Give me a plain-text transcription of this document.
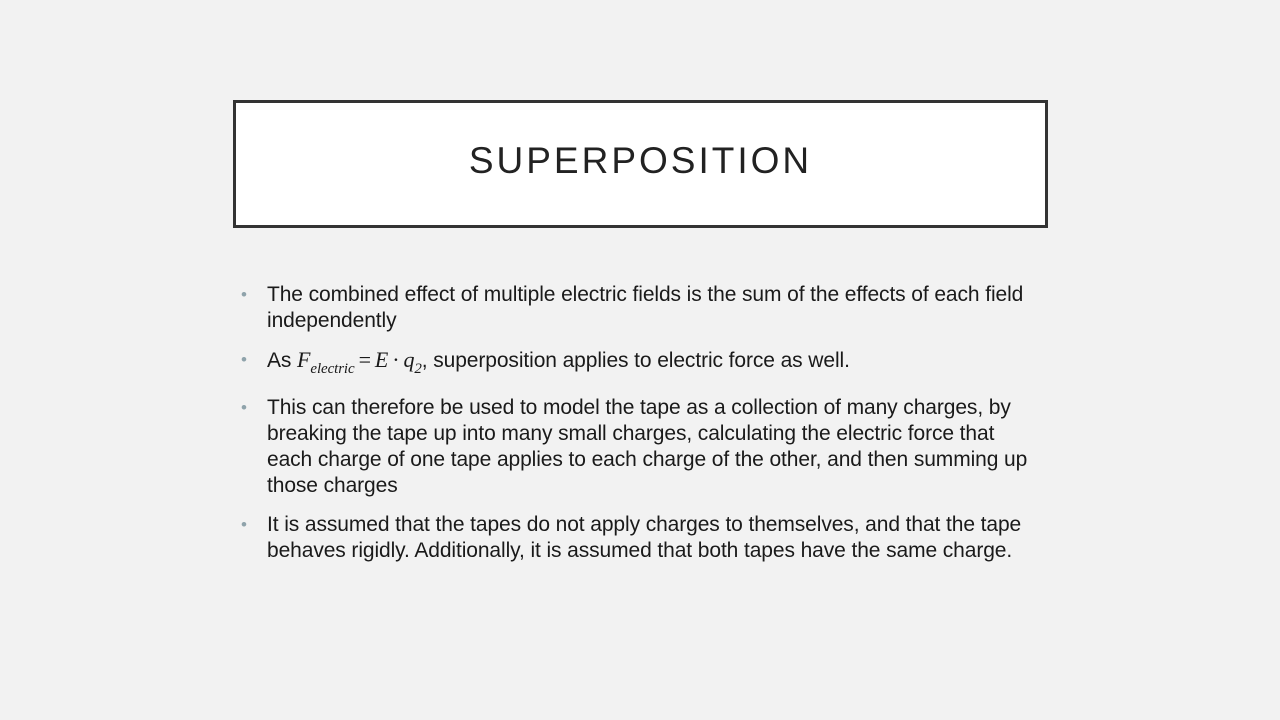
SUPERPOSITION
• The combined effect of multiple electric fields is the sum of the effects of each field independently
• As $F_{electric} = E \cdot q_2$, superposition applies to electric force as well.
• This can therefore be used to model the tape as a collection of many charges, by breaking the tape up into many small charges, calculating the electric force that each charge of one tape applies to each charge of the other, and then summing up those charges
• It is assumed that the tapes do not apply charges to themselves, and that the tape behaves rigidly. Additionally, it is assumed that both tapes have the same charge.
